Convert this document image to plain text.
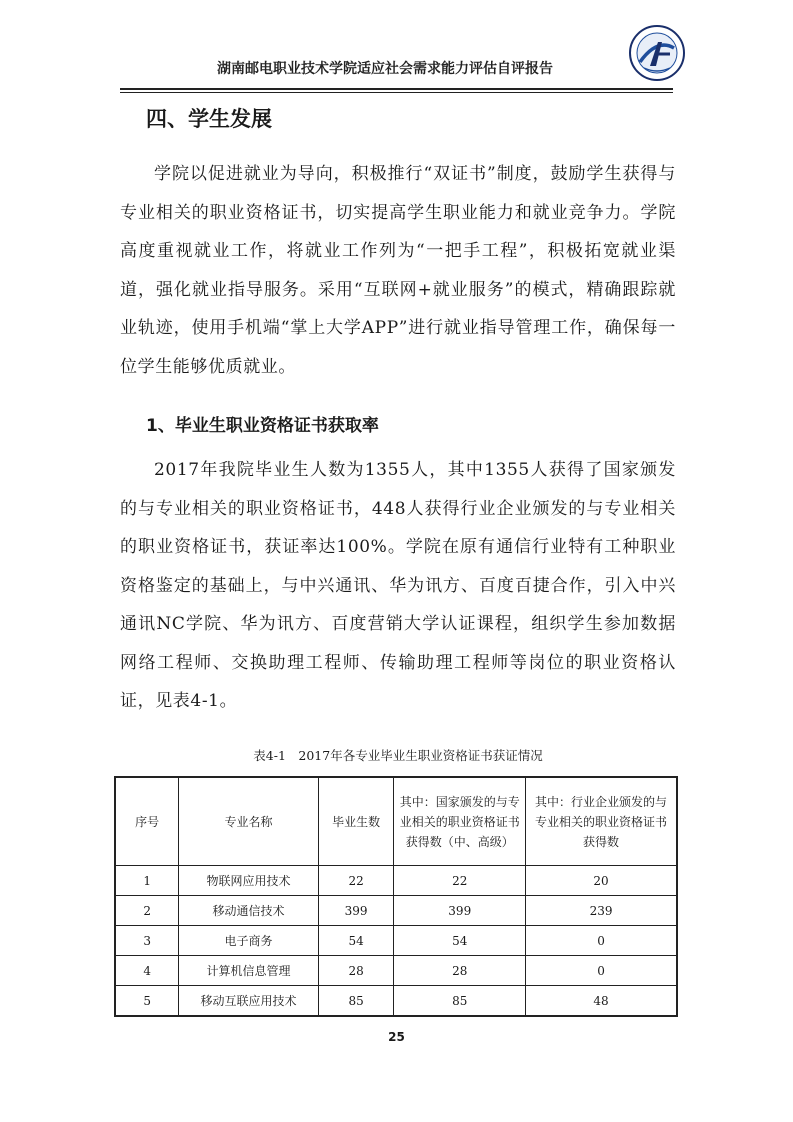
湖南邮电职业技术学院适应社会需求能力评估自评报告
四、学生发展
学院以促进就业为导向，积极推行“双证书”制度，鼓励学生获得与专业相关的职业资格证书，切实提高学生职业能力和就业竞争力。学院高度重视就业工作，将就业工作列为“一把手工程”，积极拓宽就业渠道，强化就业指导服务。采用“互联网+就业服务”的模式，精确跟踪就业轨迹，使用手机端“掌上大学APP”进行就业指导管理工作，确保每一位学生能够优质就业。
1、毕业生职业资格证书获取率
2017年我院毕业生人数为1355人，其中1355人获得了国家颁发的与专业相关的职业资格证书，448人获得行业企业颁发的与专业相关的职业资格证书，获证率达100%。学院在原有通信行业特有工种职业资格鉴定的基础上，与中兴通讯、华为讯方、百度百捷合作，引入中兴通讯NC学院、华为讯方、百度营销大学认证课程，组织学生参加数据网络工程师、交换助理工程师、传输助理工程师等岗位的职业资格认证，见表4-1。
表4-1　2017年各专业毕业生职业资格证书获证情况
序号	专业名称	毕业生数	其中：国家颁发的与专业相关的职业资格证书获得数（中、高级）	其中：行业企业颁发的与专业相关的职业资格证书获得数
1	物联网应用技术	22	22	20
2	移动通信技术	399	399	239
3	电子商务	54	54	0
4	计算机信息管理	28	28	0
5	移动互联应用技术	85	85	48
25
